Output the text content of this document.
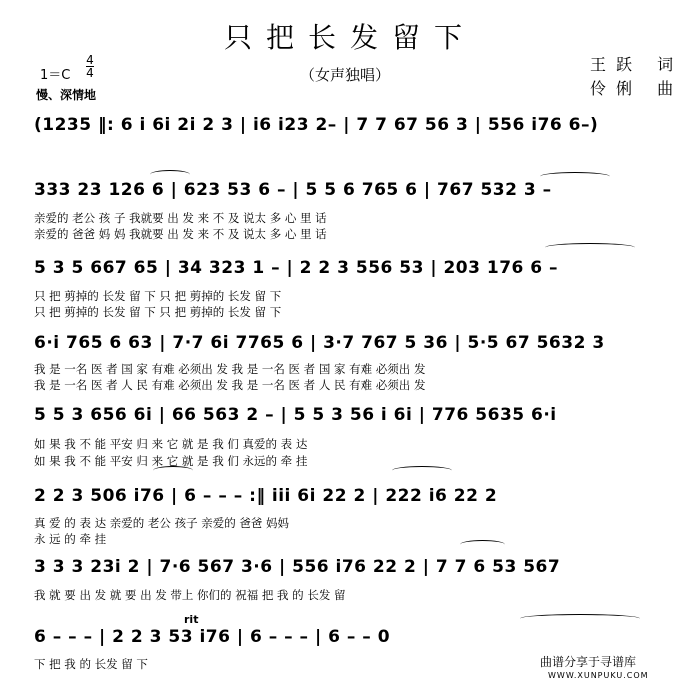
只把长发留下
（女声独唱）
王跃 词
伶俐 曲
1＝C
4
4
慢、深情地
(1235 ‖: 6 i 6i 2i 2 3 | i6 i23 2– | 7 7 67 56 3 | 556 i76 6–)
333 23 126 6 | 623 53 6 – | 5 5 6 765 6 | 767 532 3 –
亲爱的 老公 孩 子 我就要 出 发 来 不 及 说太 多 心 里 话
亲爱的 爸爸 妈 妈 我就要 出 发 来 不 及 说太 多 心 里 话
5 3 5 667 65 | 34 323 1 – | 2 2 3 556 53 | 203 176 6 –
只 把 剪掉的 长发 留 下 只 把 剪掉的 长发 留 下
只 把 剪掉的 长发 留 下 只 把 剪掉的 长发 留 下
6·i 765 6 63 | 7·7 6i 7765 6 | 3·7 767 5 36 | 5·5 67 5632 3
我 是 一名 医 者 国 家 有难 必须出 发 我 是 一名 医 者 国 家 有难 必须出 发
我 是 一名 医 者 人 民 有难 必须出 发 我 是 一名 医 者 人 民 有难 必须出 发
5 5 3 656 6i | 66 563 2 – | 5 5 3 56 i 6i | 776 5635 6·i
如 果 我 不 能 平安 归 来 它 就 是 我 们 真爱的 表 达
如 果 我 不 能 平安 归 来 它 就 是 我 们 永远的 牵 挂
2 2 3 506 i76 | 6 – – – :‖ iii 6i 22 2 | 222 i6 22 2
真 爱 的 表 达 亲爱的 老公 孩子 亲爱的 爸爸 妈妈
永 远 的 牵 挂
3 3 3 23i 2 | 7·6 567 3·6 | 556 i76 22 2 | 7 7 6 53 567
我 就 要 出 发 就 要 出 发 带上 你们的 祝福 把 我 的 长发 留
rit
6 – – – | 2 2 3 53 i76 | 6 – – – | 6 – – 0
下 把 我 的 长发 留 下	曲谱分享于寻谱库
WWW.XUNPUKU.COM
